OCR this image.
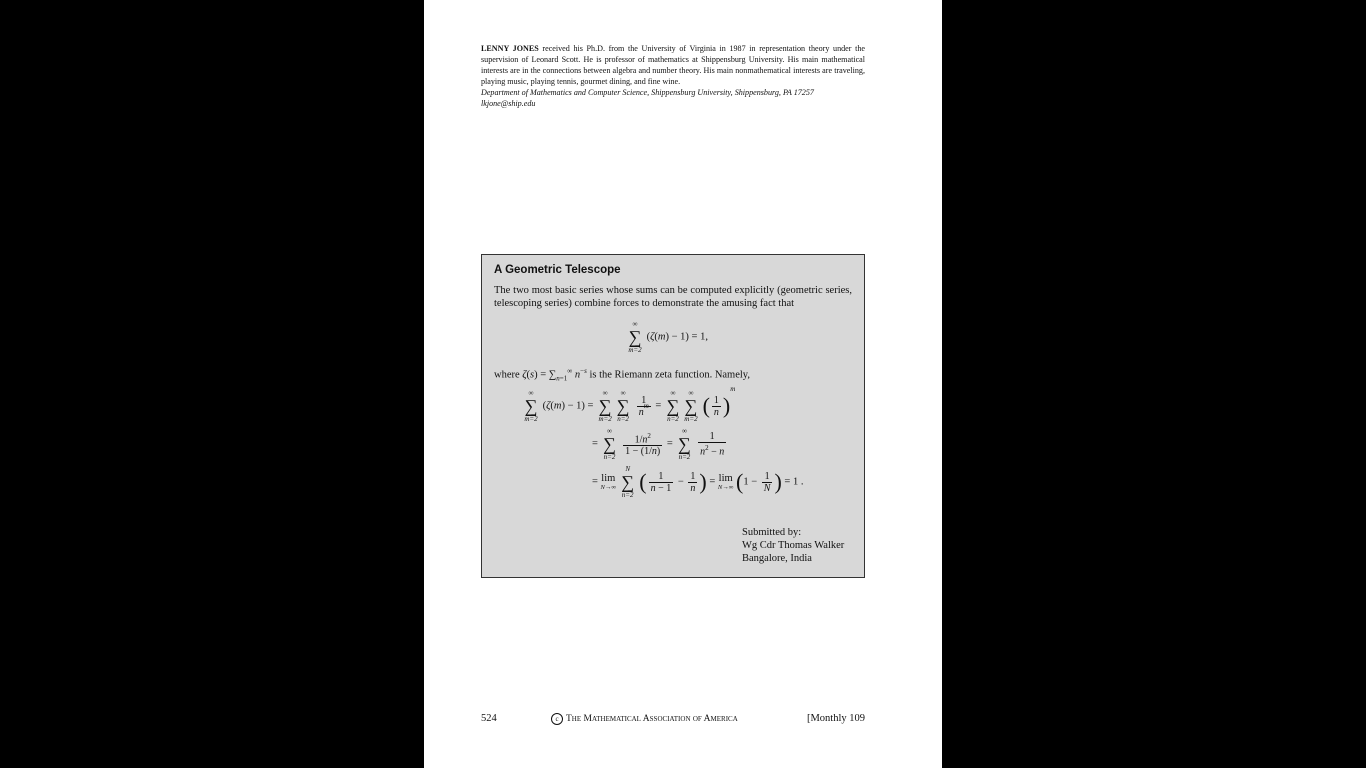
LENNY JONES received his Ph.D. from the University of Virginia in 1987 in representation theory under the supervision of Leonard Scott. He is professor of mathematics at Shippensburg University. His main mathematical interests are in the connections between algebra and number theory. His main nonmathematical interests are traveling, playing music, playing tennis, gourmet dining, and fine wine.

Department of Mathematics and Computer Science, Shippensburg University, Shippensburg, PA 17257
lkjone@ship.edu
A Geometric Telescope
The two most basic series whose sums can be computed explicitly (geometric series, telescoping series) combine forces to demonstrate the amusing fact that
∞
∑
m=2
(ζ(m) − 1) = 1,
where $\zeta(s) = \sum_{n=1}^\infty$ $n^{-s}$ is the Riemann zeta function. Namely,
∞
∑
m=2
(ζ(m) − 1) =
∞
∑
m=2
∞
∑
n=2

$\frac{1}{n^m}$ =
∞
∑
n=2
∞
∑
m=2
( $\frac{1}{n} )^m$
=
∞
∑
n=2
$\frac{1/n^2}{1 - (1/n)}$ =
∞
∑
n=2
$\frac{1}{n^2 - n}$
= lim
N→∞

N
∑
n=2
( $\frac{1}{n - 1} - \frac{1}{n}$ ) = lim
N→∞ ($1 - \frac{1}{N}$ ) = 1 .
Submitted by:
Wg Cdr Thomas Walker
Bangalore, India
524	c The Mathematical Association of America	[Monthly 109
